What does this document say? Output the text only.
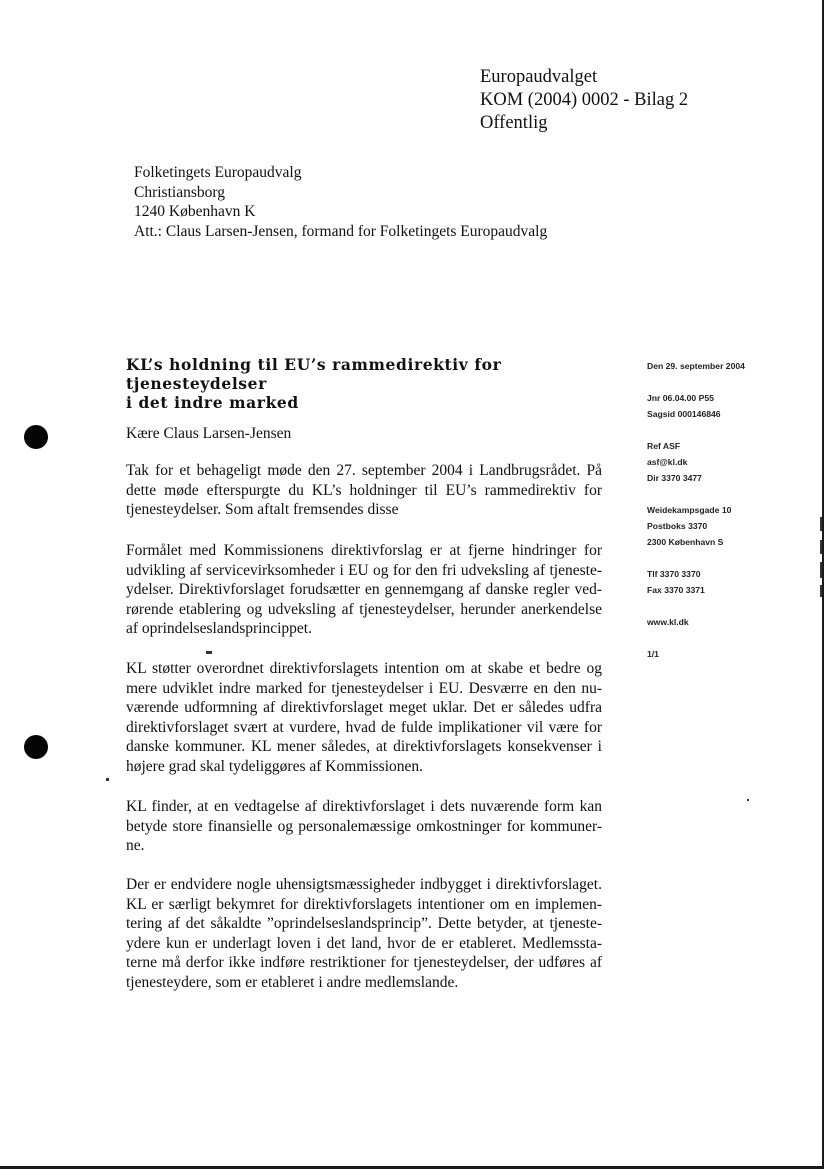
Europaudvalget
KOM (2004) 0002 - Bilag 2
Offentlig
Folketingets Europaudvalg
Christiansborg
1240 København K
Att.: Claus Larsen-Jensen, formand for Folketingets Europaudvalg
KL’s holdning til EU’s rammedirektiv for tjenesteydelser
i det indre marked
Den 29. september 2004
Jnr 06.04.00 P55
Sagsid 000146846
Ref ASF
asf@kl.dk
Dir 3370 3477
Weidekampsgade 10
Postboks 3370
2300 København S
Tlf 3370 3370
Fax 3370 3371
www.kl.dk
1/1
Kære Claus Larsen-Jensen
Tak for et behageligt møde den 27. september 2004 i Landbrugsrådet. På
dette møde efterspurgte du KL’s holdninger til EU’s rammedirektiv for
tjenesteydelser. Som aftalt fremsendes disse
Formålet med Kommissionens direktivforslag er at fjerne hindringer for
udvikling af servicevirksomheder i EU og for den fri udveksling af tjeneste-
ydelser. Direktivforslaget forudsætter en gennemgang af danske regler ved-
rørende etablering og udveksling af tjenesteydelser, herunder anerkendelse
af oprindelseslandsprincippet.
KL støtter overordnet direktivforslagets intention om at skabe et bedre og
mere udviklet indre marked for tjenesteydelser i EU. Desværre en den nu-
værende udformning af direktivforslaget meget uklar. Det er således udfra
direktivforslaget svært at vurdere, hvad de fulde implikationer vil være for
danske kommuner. KL mener således, at direktivforslagets konsekvenser i
højere grad skal tydeliggøres af Kommissionen.
KL finder, at en vedtagelse af direktivforslaget i dets nuværende form kan
betyde store finansielle og personalemæssige omkostninger for kommuner-
ne.
Der er endvidere nogle uhensigtsmæssigheder indbygget i direktivforslaget.
KL er særligt bekymret for direktivforslagets intentioner om en implemen-
tering af det såkaldte ”oprindelseslandsprincip”. Dette betyder, at tjeneste-
ydere kun er underlagt loven i det land, hvor de er etableret. Medlemssta-
terne må derfor ikke indføre restriktioner for tjenesteydelser, der udføres af
tjenesteydere, som er etableret i andre medlemslande.
